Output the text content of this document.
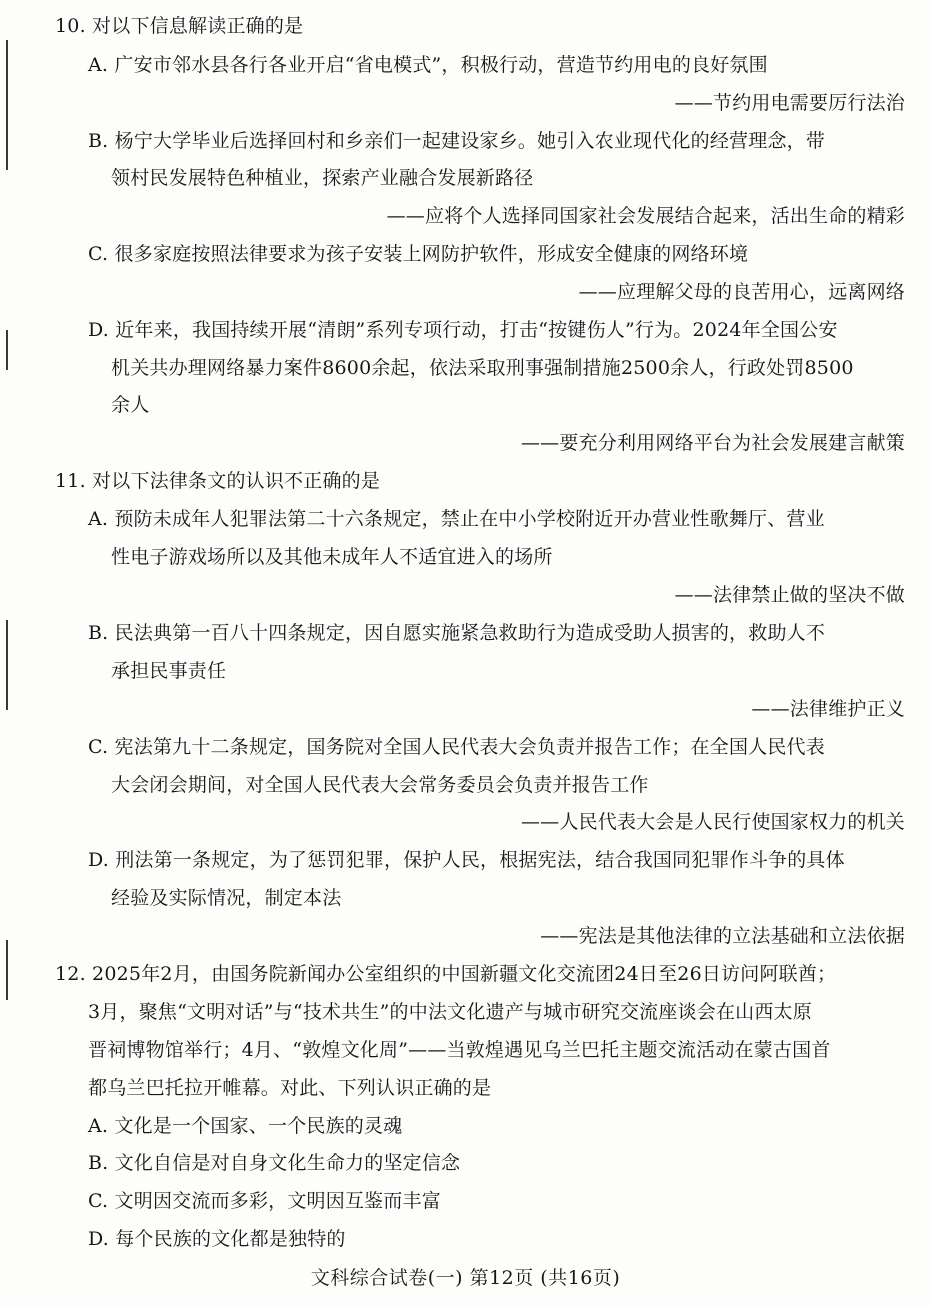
10. 对以下信息解读正确的是
A. 广安市邻水县各行各业开启“省电模式”，积极行动，营造节约用电的良好氛围
——节约用电需要厉行法治
B. 杨宁大学毕业后选择回村和乡亲们一起建设家乡。她引入农业现代化的经营理念，带
领村民发展特色种植业，探索产业融合发展新路径
——应将个人选择同国家社会发展结合起来，活出生命的精彩
C. 很多家庭按照法律要求为孩子安装上网防护软件，形成安全健康的网络环境
——应理解父母的良苦用心，远离网络
D. 近年来，我国持续开展“清朗”系列专项行动，打击“按键伤人”行为。2024年全国公安
机关共办理网络暴力案件8600余起，依法采取刑事强制措施2500余人，行政处罚8500
余人
——要充分利用网络平台为社会发展建言献策
11. 对以下法律条文的认识不正确的是
A. 预防未成年人犯罪法第二十六条规定，禁止在中小学校附近开办营业性歌舞厅、营业
性电子游戏场所以及其他未成年人不适宜进入的场所
——法律禁止做的坚决不做
B. 民法典第一百八十四条规定，因自愿实施紧急救助行为造成受助人损害的，救助人不
承担民事责任
——法律维护正义
C. 宪法第九十二条规定，国务院对全国人民代表大会负责并报告工作；在全国人民代表
大会闭会期间，对全国人民代表大会常务委员会负责并报告工作
——人民代表大会是人民行使国家权力的机关
D. 刑法第一条规定，为了惩罚犯罪，保护人民，根据宪法，结合我国同犯罪作斗争的具体
经验及实际情况，制定本法
——宪法是其他法律的立法基础和立法依据
12. 2025年2月，由国务院新闻办公室组织的中国新疆文化交流团24日至26日访问阿联酋；
3月，聚焦“文明对话”与“技术共生”的中法文化遗产与城市研究交流座谈会在山西太原
晋祠博物馆举行；4月、“敦煌文化周”——当敦煌遇见乌兰巴托主题交流活动在蒙古国首
都乌兰巴托拉开帷幕。对此、下列认识正确的是
A. 文化是一个国家、一个民族的灵魂
B. 文化自信是对自身文化生命力的坚定信念
C. 文明因交流而多彩，文明因互鉴而丰富
D. 每个民族的文化都是独特的
文科综合试卷(一) 第12页 (共16页)
